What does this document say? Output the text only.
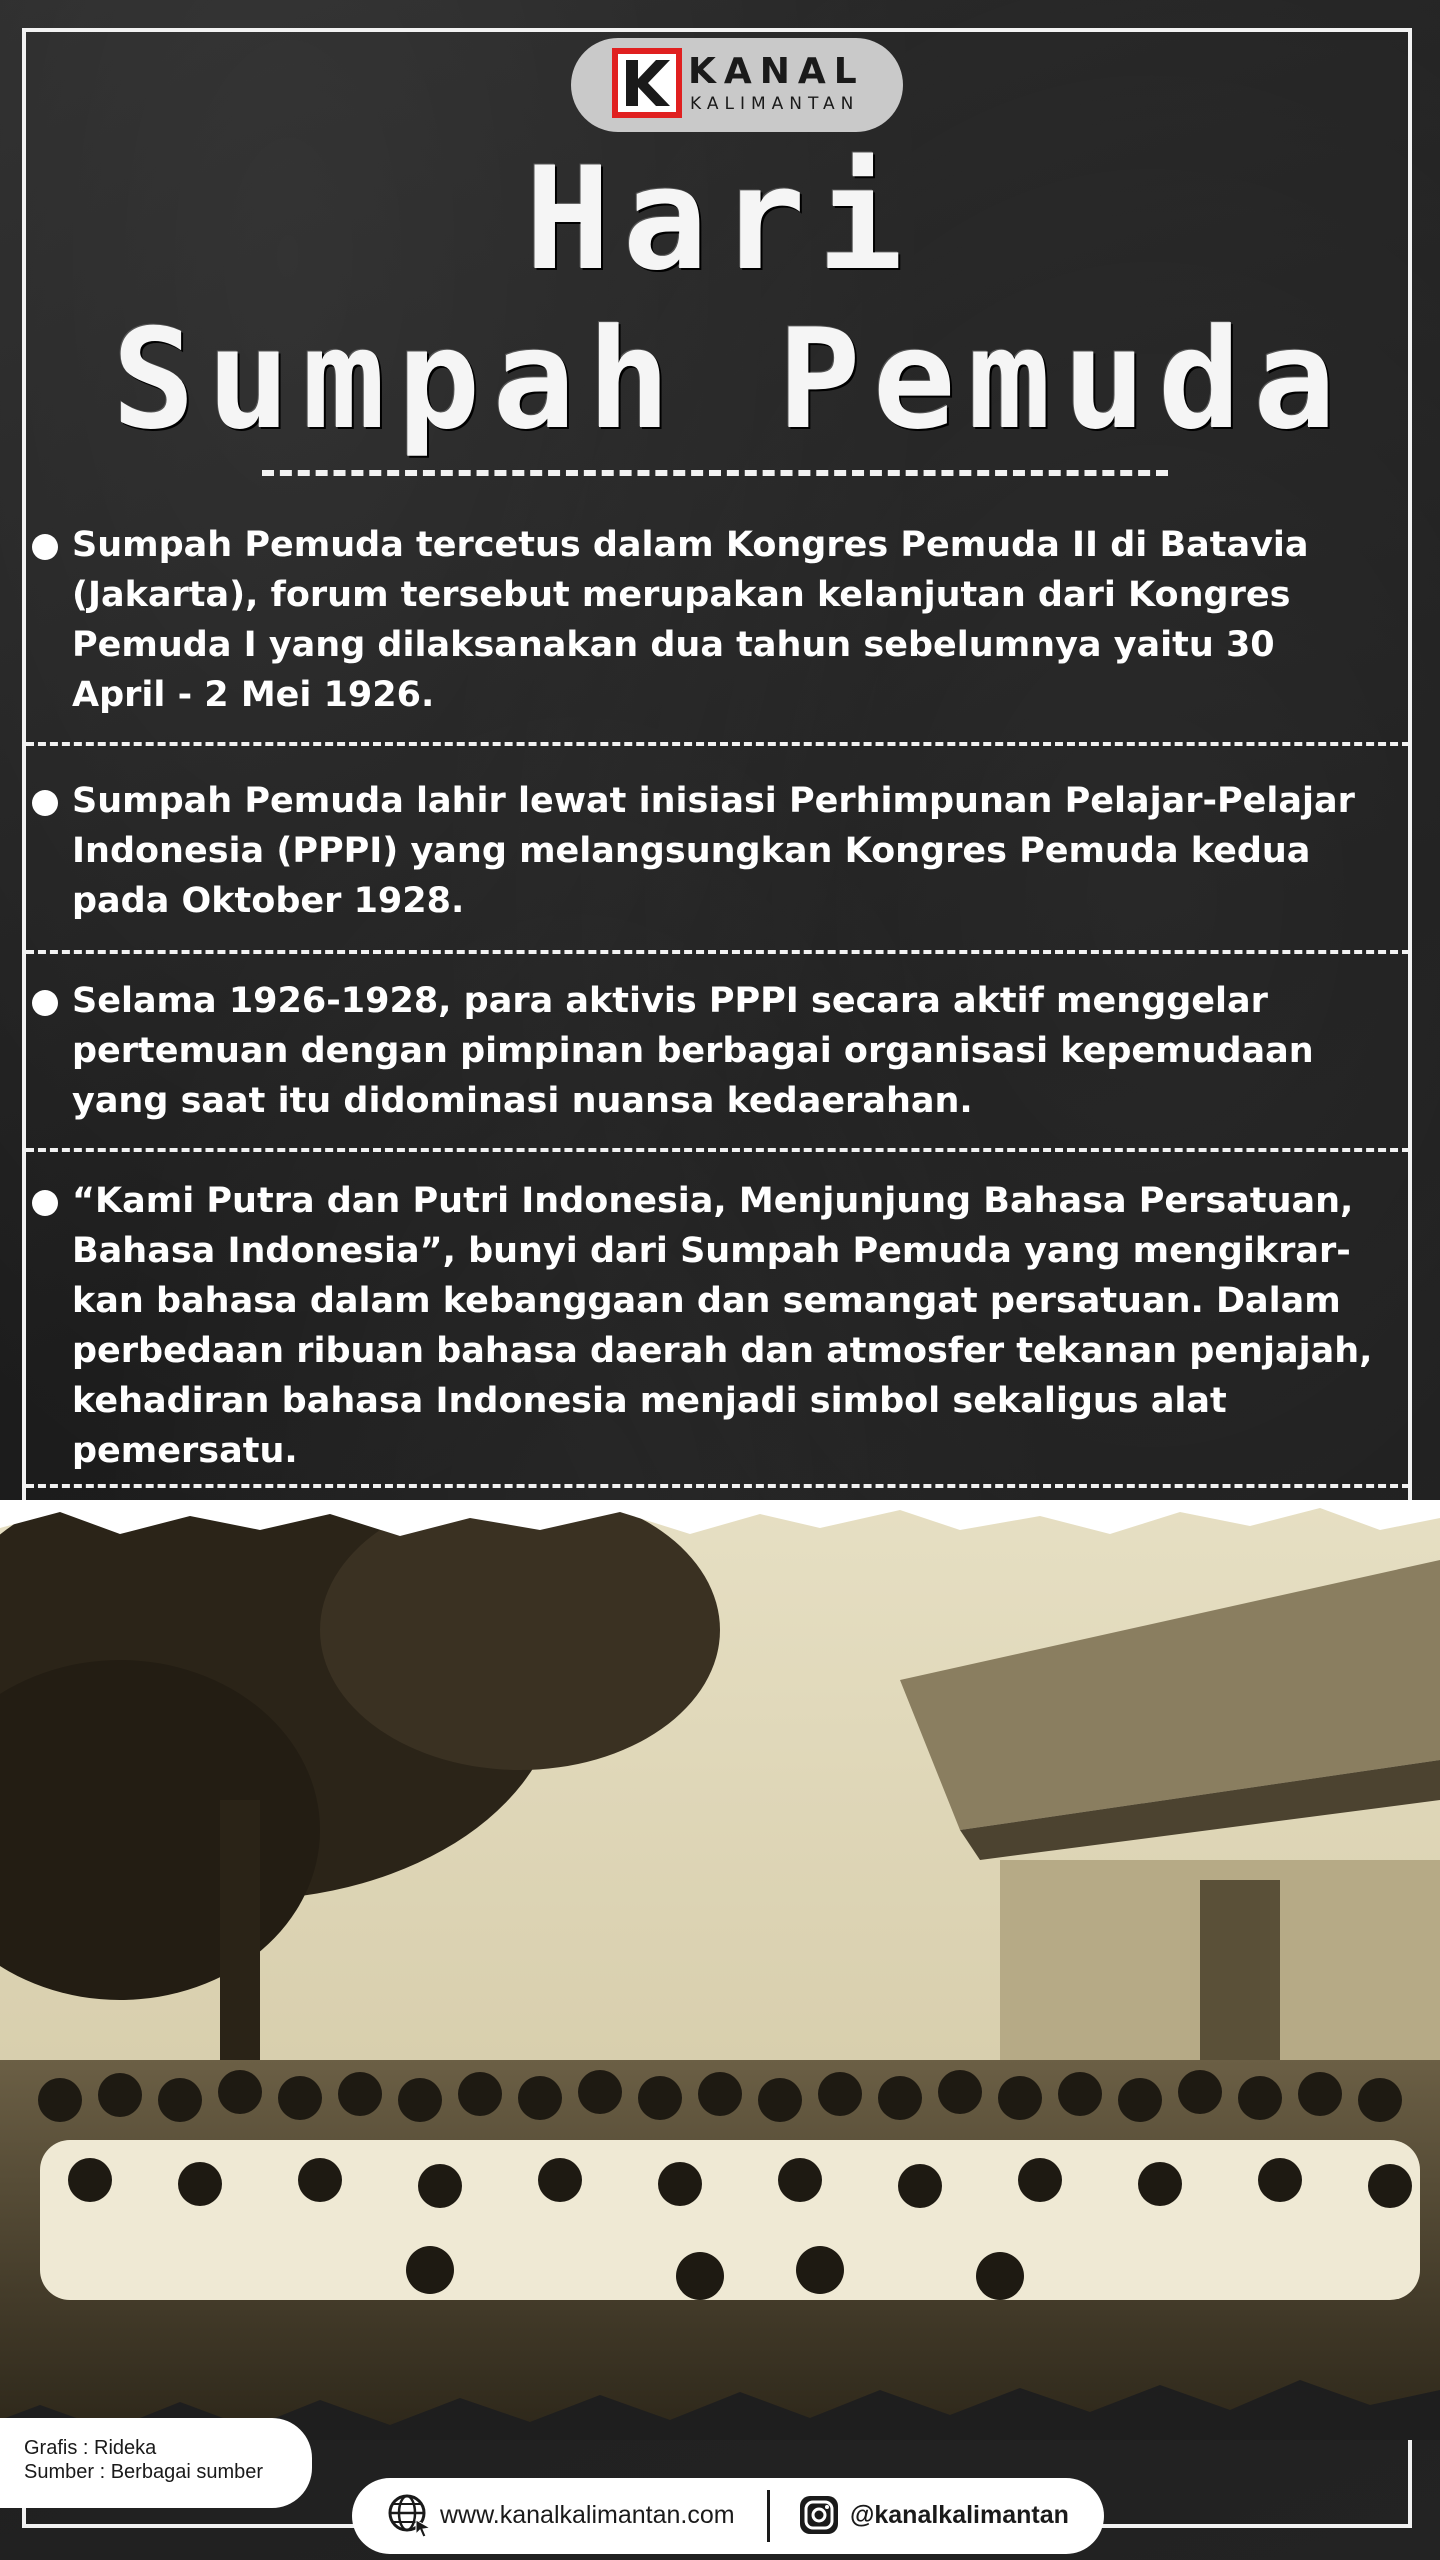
KANAL
KALIMANTAN
Hari
Sumpah Pemuda
Sumpah Pemuda tercetus dalam Kongres Pemuda II di Batavia
(Jakarta), forum tersebut merupakan kelanjutan dari Kongres
Pemuda I yang dilaksanakan dua tahun sebelumnya yaitu 30
April - 2 Mei 1926.
Sumpah Pemuda lahir lewat inisiasi Perhimpunan Pelajar-Pelajar
Indonesia (PPPI) yang melangsungkan Kongres Pemuda kedua
pada Oktober 1928.
Selama 1926-1928, para aktivis PPPI secara aktif menggelar
pertemuan dengan pimpinan berbagai organisasi kepemudaan
yang saat itu didominasi nuansa kedaerahan.
“Kami Putra dan Putri Indonesia, Menjunjung Bahasa Persatuan,
Bahasa Indonesia”, bunyi dari Sumpah Pemuda yang mengikrar-
kan bahasa dalam kebanggaan dan semangat persatuan. Dalam
perbedaan ribuan bahasa daerah dan atmosfer tekanan penjajah,
kehadiran bahasa Indonesia menjadi simbol sekaligus alat
pemersatu.
Grafis : Rideka
Sumber : Berbagai sumber
www.kanalkalimantan.com	@kanalkalimantan
